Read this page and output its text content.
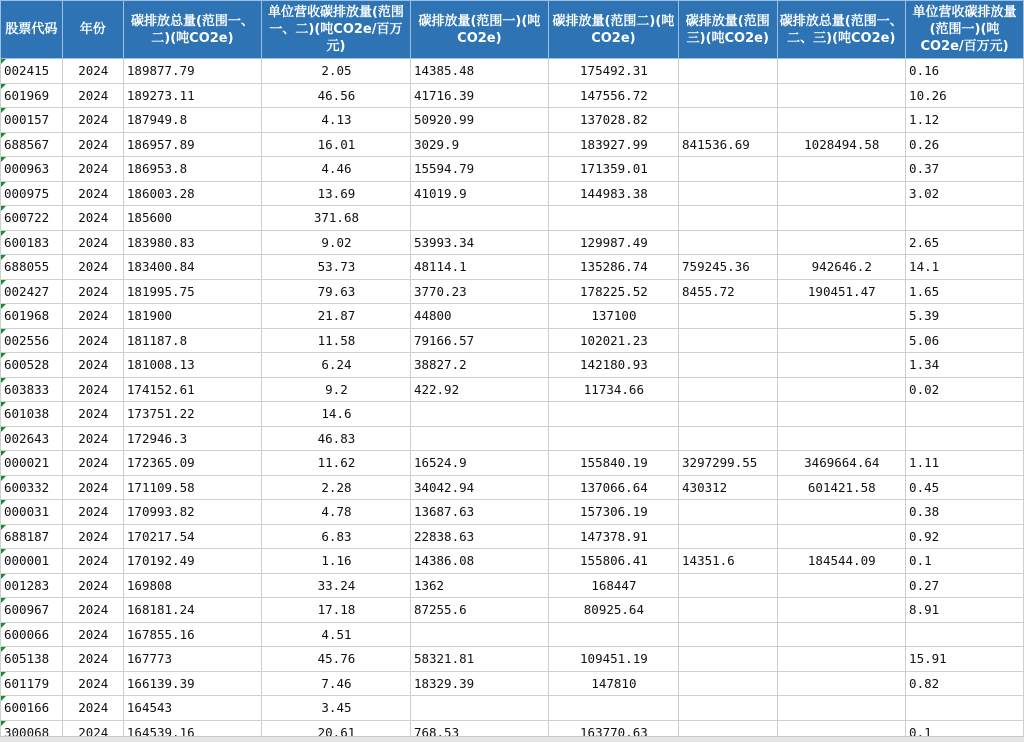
股票代码	年份	碳排放总量(范围一、二)(吨CO2e)	单位营收碳排放量(范围一、二)(吨CO2e/百万元)	碳排放量(范围一)(吨CO2e)	碳排放量(范围二)(吨CO2e)	碳排放量(范围三)(吨CO2e)	碳排放总量(范围一、二、三)(吨CO2e)	单位营收碳排放量(范围一)(吨CO2e/百万元)
002415	2024	189877.79	2.05	14385.48	175492.31			0.16
601969	2024	189273.11	46.56	41716.39	147556.72			10.26
000157	2024	187949.8	4.13	50920.99	137028.82			1.12
688567	2024	186957.89	16.01	3029.9	183927.99	841536.69	1028494.58	0.26
000963	2024	186953.8	4.46	15594.79	171359.01			0.37
000975	2024	186003.28	13.69	41019.9	144983.38			3.02
600722	2024	185600	371.68					
600183	2024	183980.83	9.02	53993.34	129987.49			2.65
688055	2024	183400.84	53.73	48114.1	135286.74	759245.36	942646.2	14.1
002427	2024	181995.75	79.63	3770.23	178225.52	8455.72	190451.47	1.65
601968	2024	181900	21.87	44800	137100			5.39
002556	2024	181187.8	11.58	79166.57	102021.23			5.06
600528	2024	181008.13	6.24	38827.2	142180.93			1.34
603833	2024	174152.61	9.2	422.92	11734.66			0.02
601038	2024	173751.22	14.6					
002643	2024	172946.3	46.83					
000021	2024	172365.09	11.62	16524.9	155840.19	3297299.55	3469664.64	1.11
600332	2024	171109.58	2.28	34042.94	137066.64	430312	601421.58	0.45
000031	2024	170993.82	4.78	13687.63	157306.19			0.38
688187	2024	170217.54	6.83	22838.63	147378.91			0.92
000001	2024	170192.49	1.16	14386.08	155806.41	14351.6	184544.09	0.1
001283	2024	169808	33.24	1362	168447			0.27
600967	2024	168181.24	17.18	87255.6	80925.64			8.91
600066	2024	167855.16	4.51					
605138	2024	167773	45.76	58321.81	109451.19			15.91
601179	2024	166139.39	7.46	18329.39	147810			0.82
600166	2024	164543	3.45					
300068	2024	164539.16	20.61	768.53	163770.63			0.1
